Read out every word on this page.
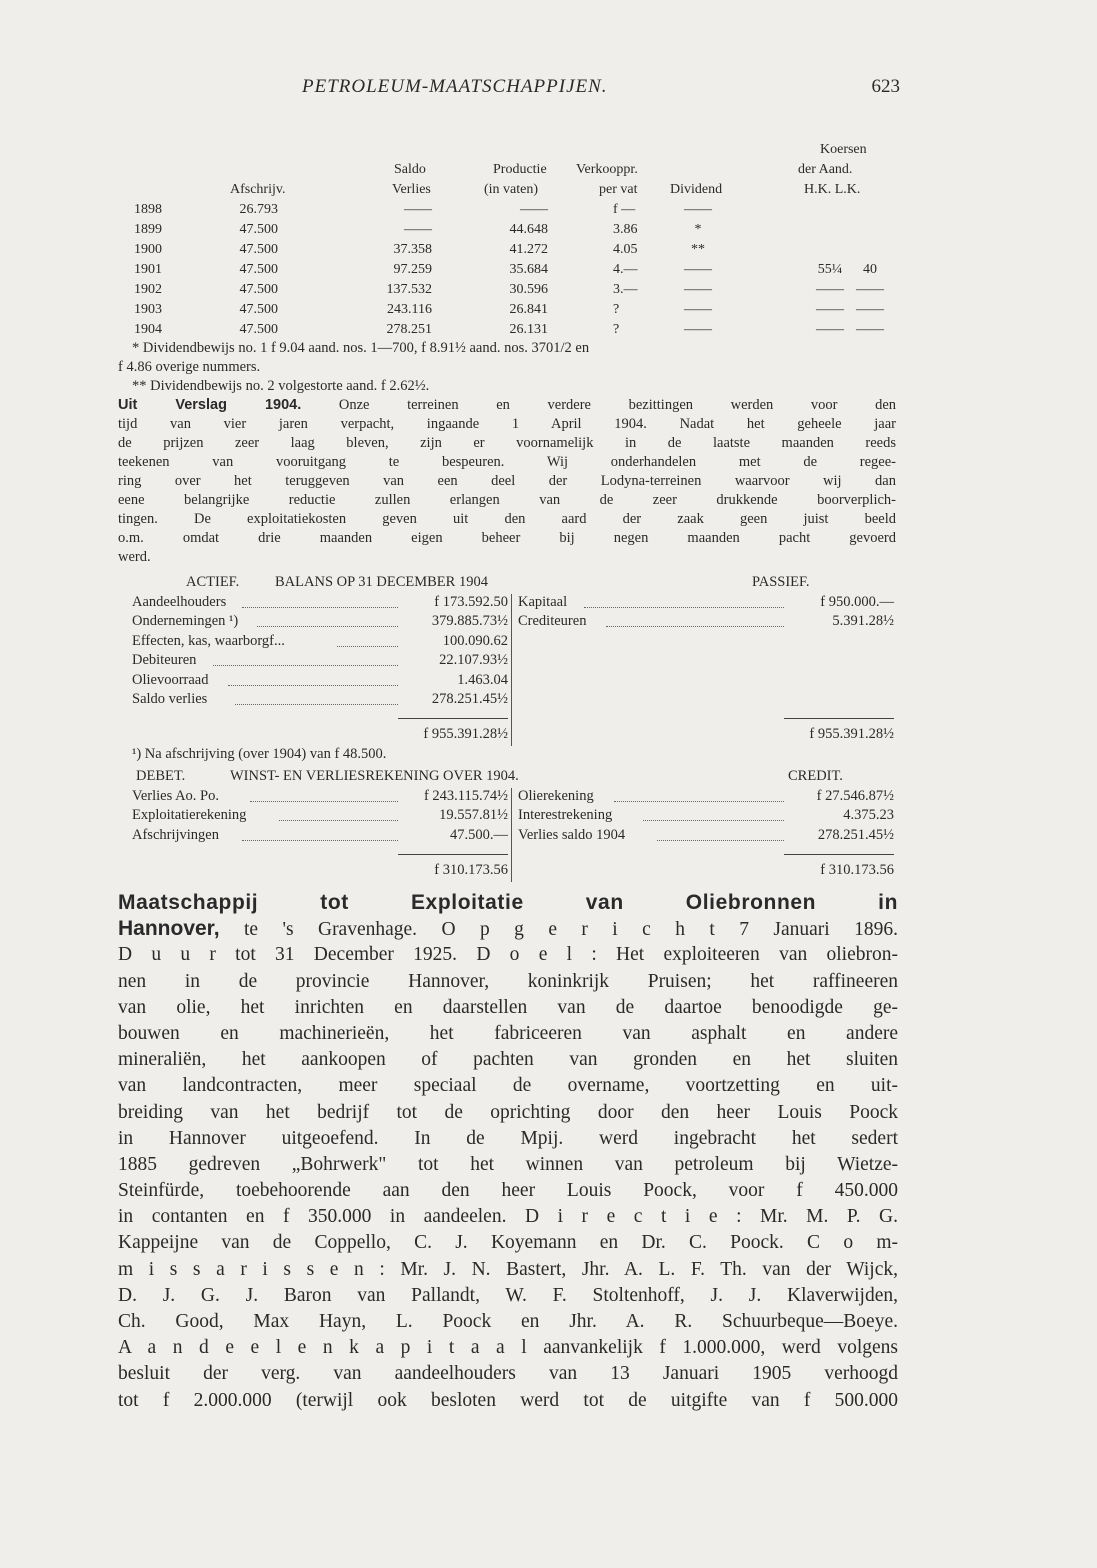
PETROLEUM-MAATSCHAPPIJEN.	623
Koersen
Saldo	Productie Verkooppr.	der Aand.
Afschrijv.	Verlies	(in vaten)	per vat Dividend	H.K. L.K.
1898	26.793	——	——	f —	——
1899	47.500	——	44.648	3.86	*
1900	47.500	37.358	41.272	4.05	**
1901	47.500	97.259	35.684	4.—	——	55¼ 40
1902	47.500	137.532	30.596	3.—	——	—— ——
1903	47.500	243.116	26.841	?	——	—— ——
1904	47.500	278.251	26.131	?	——	—— ——
* Dividendbewijs no. 1 f 9.04 aand. nos. 1—700, f 8.91½ aand. nos. 3701/2 en
f 4.86 overige nummers.
** Dividendbewijs no. 2 volgestorte aand. f 2.62½.
Uit Verslag 1904.	Onze terreinen en verdere bezittingen werden voor den
tijd van vier jaren verpacht, ingaande 1 April 1904. Nadat het geheele jaar
de prijzen zeer laag bleven, zijn er voornamelijk in de laatste maanden reeds
teekenen van vooruitgang te bespeuren. Wij onderhandelen met de regee-
ring over het teruggeven van een deel der Lodyna-terreinen waarvoor wij dan
eene belangrijke reductie zullen erlangen van de zeer drukkende boorverplich-
tingen. De exploitatiekosten geven uit den aard der zaak geen juist beeld
o.m. omdat drie maanden eigen beheer bij negen maanden pacht gevoerd
werd.
ACTIEF. BALANS OP 31 DECEMBER 1904	PASSIEF.
Aandeelhouders	f 173.592.50 Kapitaal	f 950.000.—
Ondernemingen ¹)	379.885.73½ Crediteuren	5.391.28½
Effecten, kas, waarborgf...	100.090.62
Debiteuren	22.107.93½
Olievoorraad	1.463.04
Saldo verlies	278.251.45½
f 955.391.28½	f 955.391.28½
¹) Na afschrijving (over 1904) van f 48.500.
DEBET.	WINST- EN VERLIESREKENING OVER 1904.	CREDIT.
Verlies Ao. Po.	f 243.115.74½ Olierekening	f 27.546.87½
Exploitatierekening	19.557.81½ Interestrekening	4.375.23
Afschrijvingen	47.500.— Verlies saldo 1904	278.251.45½
f 310.173.56	f 310.173.56
Maatschappij tot Exploitatie van Oliebronnen in
Hannover, te 's Gravenhage. O p g e r i c h t 7 Januari 1896.
D u u r tot 31 December 1925. D o e l : Het exploiteeren van oliebron-
nen in de provincie Hannover, koninkrijk Pruisen; het raffineeren
van olie, het inrichten en daarstellen van de daartoe benoodigde ge-
bouwen en machinerieën, het fabriceeren van asphalt en andere
mineraliën, het aankoopen of pachten van gronden en het sluiten
van landcontracten, meer speciaal de overname, voortzetting en uit-
breiding van het bedrijf tot de oprichting door den heer Louis Poock
in Hannover uitgeoefend. In de Mpij. werd ingebracht het sedert
1885 gedreven „Bohrwerk" tot het winnen van petroleum bij Wietze-
Steinfürde, toebehoorende aan den heer Louis Poock, voor f 450.000
in contanten en f 350.000 in aandeelen. D i r e c t i e : Mr. M. P. G.
Kappeijne van de Coppello, C. J. Koyemann en Dr. C. Poock. C o m-
m i s s a r i s s e n : Mr. J. N. Bastert, Jhr. A. L. F. Th. van der Wijck,
D. J. G. J. Baron van Pallandt, W. F. Stoltenhoff, J. J. Klaverwijden,
Ch. Good, Max Hayn, L. Poock en Jhr. A. R. Schuurbeque—Boeye.
A a n d e e l e n k a p i t a a l aanvankelijk f 1.000.000, werd volgens
besluit der verg. van aandeelhouders van 13 Januari 1905 verhoogd
tot f 2.000.000 (terwijl ook besloten werd tot de uitgifte van f 500.000
